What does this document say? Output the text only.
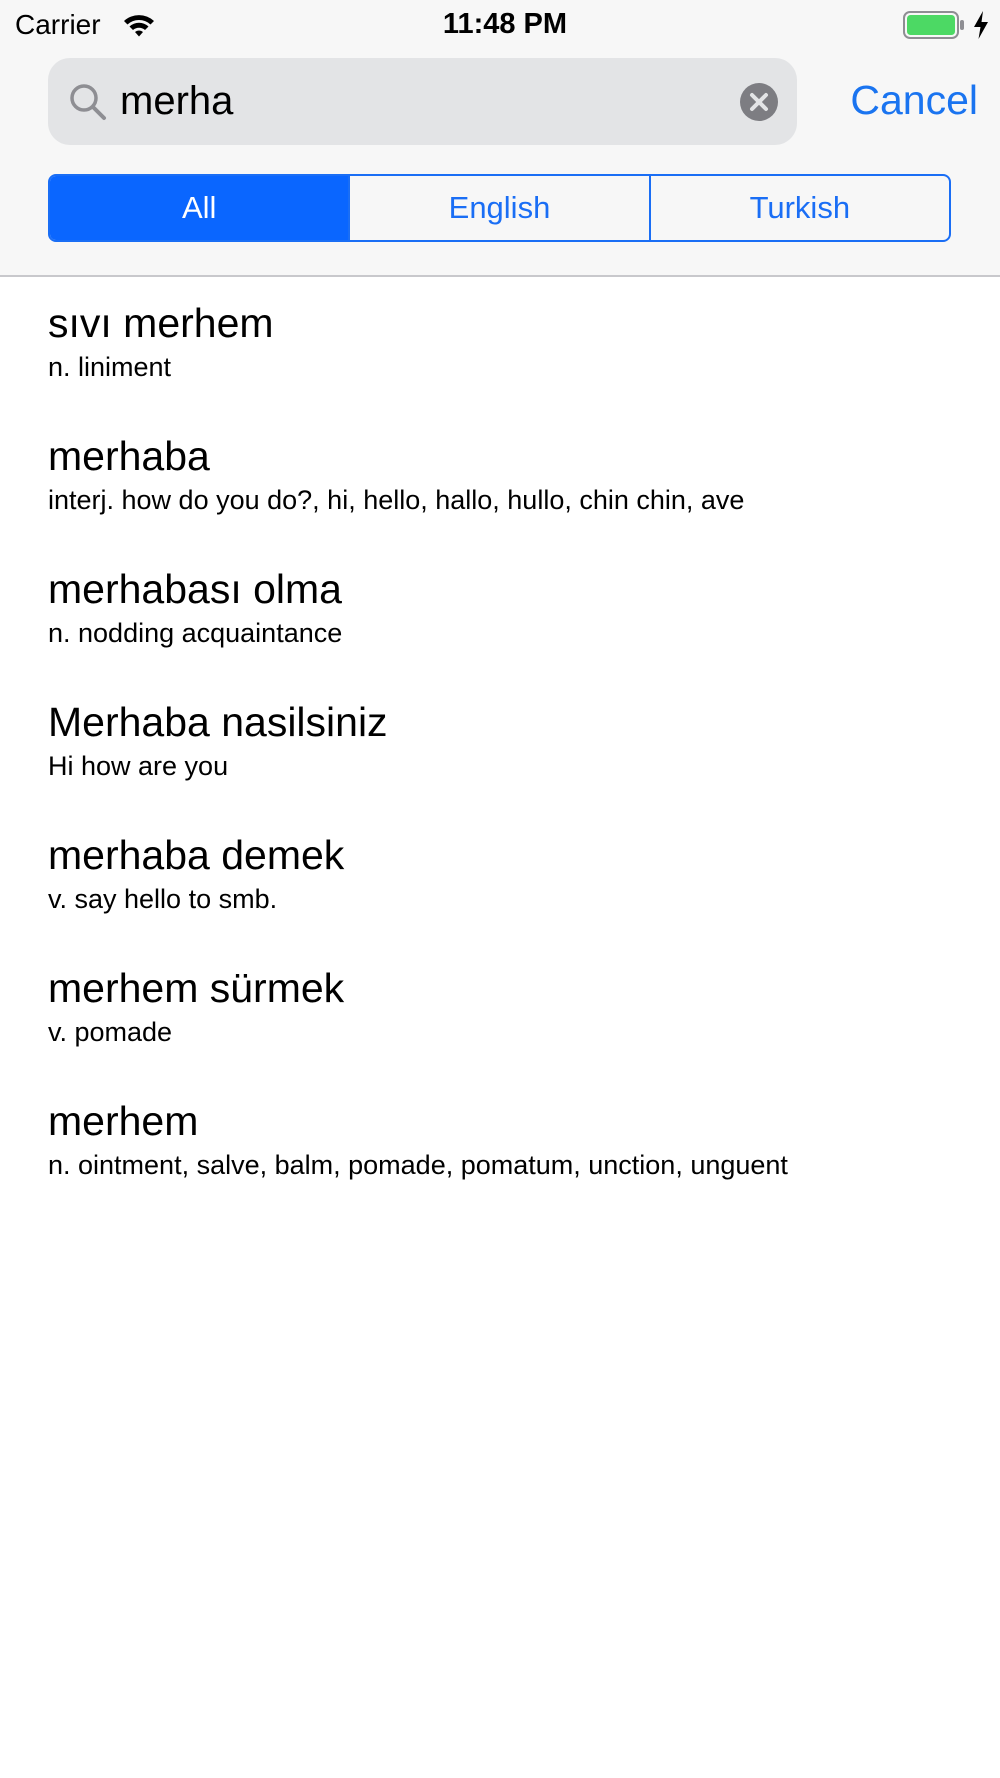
Carrier	11:48 PM
merha
Cancel
All	English	Turkish
sıvı merhem
n. liniment
merhaba
interj. how do you do?, hi, hello, hallo, hullo, chin chin, ave
merhabası olma
n. nodding acquaintance
Merhaba nasilsiniz
Hi how are you
merhaba demek
v. say hello to smb.
merhem sürmek
v. pomade
merhem
n. ointment, salve, balm, pomade, pomatum, unction, unguent
